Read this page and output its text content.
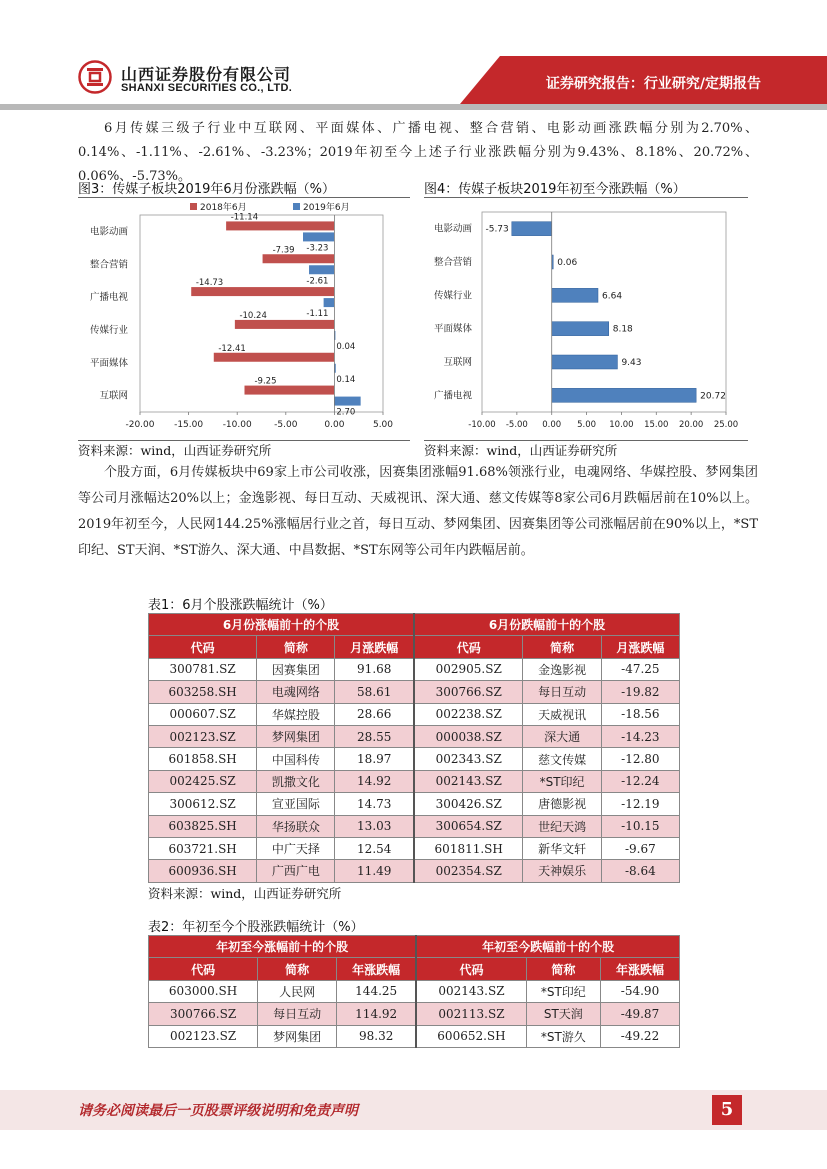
山西证券股份有限公司
SHANXI SECURITIES CO., LTD.	证券研究报告：行业研究/定期报告
6月传媒三级子行业中互联网、平面媒体、广播电视、整合营销、电影动画涨跌幅分别为2.70%、0.14%、-1.11%、-2.61%、-3.23%；2019年初至今上述子行业涨跌幅分别为9.43%、8.18%、20.72%、0.06%、-5.73%。
图3：传媒子板块2019年6月份涨跌幅（%）
2018年6月	2019年6月
电影动画
-11.14
-3.23
整合营销
-7.39
-2.61
广播电视
-14.73
-1.11
传媒行业
-10.24
0.04
平面媒体
-12.41
0.14
互联网
-9.25
2.70
-20.00 -15.00 -10.00 -5.00	0.00	5.00
资料来源：wind，山西证券研究所
图4：传媒子板块2019年初至今涨跌幅（%）
电影动画 -5.73
整合营销	0.06
传媒行业	6.64
平面媒体	8.18
互联网	9.43
广播电视	20.72
-10.00 -5.00 0.00 5.00 10.00 15.00 20.00 25.00
资料来源：wind，山西证券研究所
个股方面，6月传媒板块中69家上市公司收涨，因赛集团涨幅91.68%领涨行业，电魂网络、华媒控股、梦网集团等公司月涨幅达20%以上；金逸影视、每日互动、天威视讯、深大通、慈文传媒等8家公司6月跌幅居前在10%以上。2019年初至今，人民网144.25%涨幅居行业之首，每日互动、梦网集团、因赛集团等公司涨幅居前在90%以上，*ST印纪、ST天润、*ST游久、深大通、中昌数据、*ST东网等公司年内跌幅居前。
表1：6月个股涨跌幅统计（%）
6月份涨幅前十的个股			6月份跌幅前十的个股		
代码	简称	月涨跌幅	代码	简称	月涨跌幅
300781.SZ	因赛集团	91.68	002905.SZ	金逸影视	-47.25
603258.SH	电魂网络	58.61	300766.SZ	每日互动	-19.82
000607.SZ	华媒控股	28.66	002238.SZ	天威视讯	-18.56
002123.SZ	梦网集团	28.55	000038.SZ	深大通	-14.23
601858.SH	中国科传	18.97	002343.SZ	慈文传媒	-12.80
002425.SZ	凯撒文化	14.92	002143.SZ	*ST印纪	-12.24
300612.SZ	宣亚国际	14.73	300426.SZ	唐德影视	-12.19
603825.SH	华扬联众	13.03	300654.SZ	世纪天鸿	-10.15
603721.SH	中广天择	12.54	601811.SH	新华文轩	-9.67
600936.SH	广西广电	11.49	002354.SZ	天神娱乐	-8.64
资料来源：wind，山西证券研究所
表2：年初至今个股涨跌幅统计（%）
年初至今涨幅前十的个股			年初至今跌幅前十的个股		
代码	简称	年涨跌幅	代码	简称	年涨跌幅
603000.SH	人民网	144.25	002143.SZ	*ST印纪	-54.90
300766.SZ	每日互动	114.92	002113.SZ	ST天润	-49.87
002123.SZ	梦网集团	98.32	600652.SH	*ST游久	-49.22
请务必阅读最后一页股票评级说明和免责声明	5
